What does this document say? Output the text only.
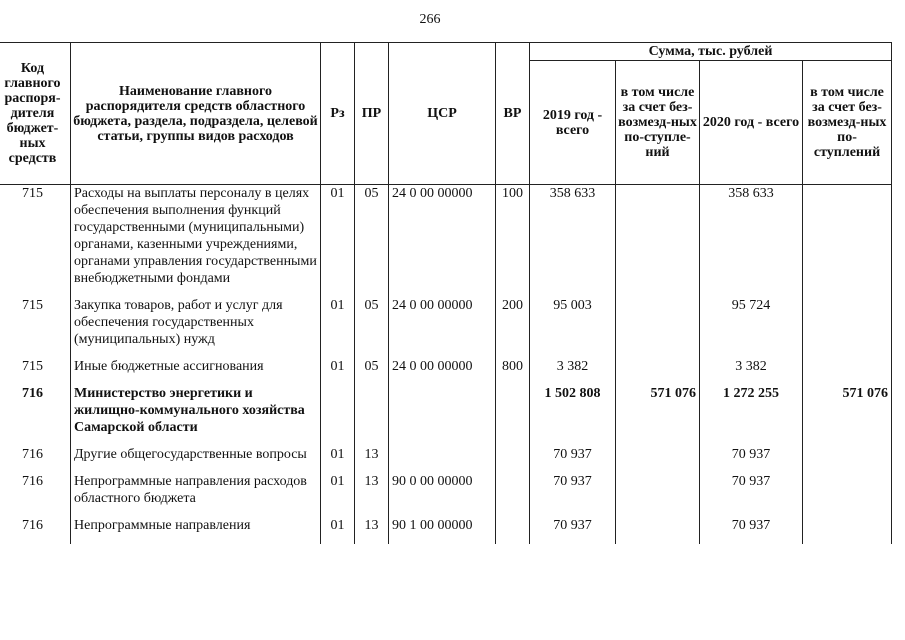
266
Код главного распоря-дителя бюджет-ных средств	Наименование главного распорядителя средств областного бюджета, раздела, подраздела, целевой статьи, группы видов расходов	Рз	ПР	ЦСР	ВР	Сумма, тыс. рублей			
						2019 год - всего	в том числе за счет без-возмезд-ных по-ступле-ний	2020 год - всего	в том числе за счет без-возмезд-ных по-ступлений
715	Расходы на выплаты персоналу в целях обеспечения выполнения функций государственными (муниципальными) органами, казенными учреждениями, органами управления государственными внебюджетными фондами	01	05	24 0 00 00000	100	358 633		358 633	
715	Закупка товаров, работ и услуг для обеспечения государственных (муниципальных) нужд	01	05	24 0 00 00000	200	95 003		95 724	
715	Иные бюджетные ассигнования	01	05	24 0 00 00000	800	3 382		3 382	
716	Министерство энергетики и жилищно-коммунального хозяйства Самарской области					1 502 808	571 076	1 272 255	571 076
716	Другие общегосударственные вопросы	01	13			70 937		70 937	
716	Непрограммные направления расходов областного бюджета	01	13	90 0 00 00000		70 937		70 937	
716	Непрограммные направления	01	13	90 1 00 00000		70 937		70 937	
